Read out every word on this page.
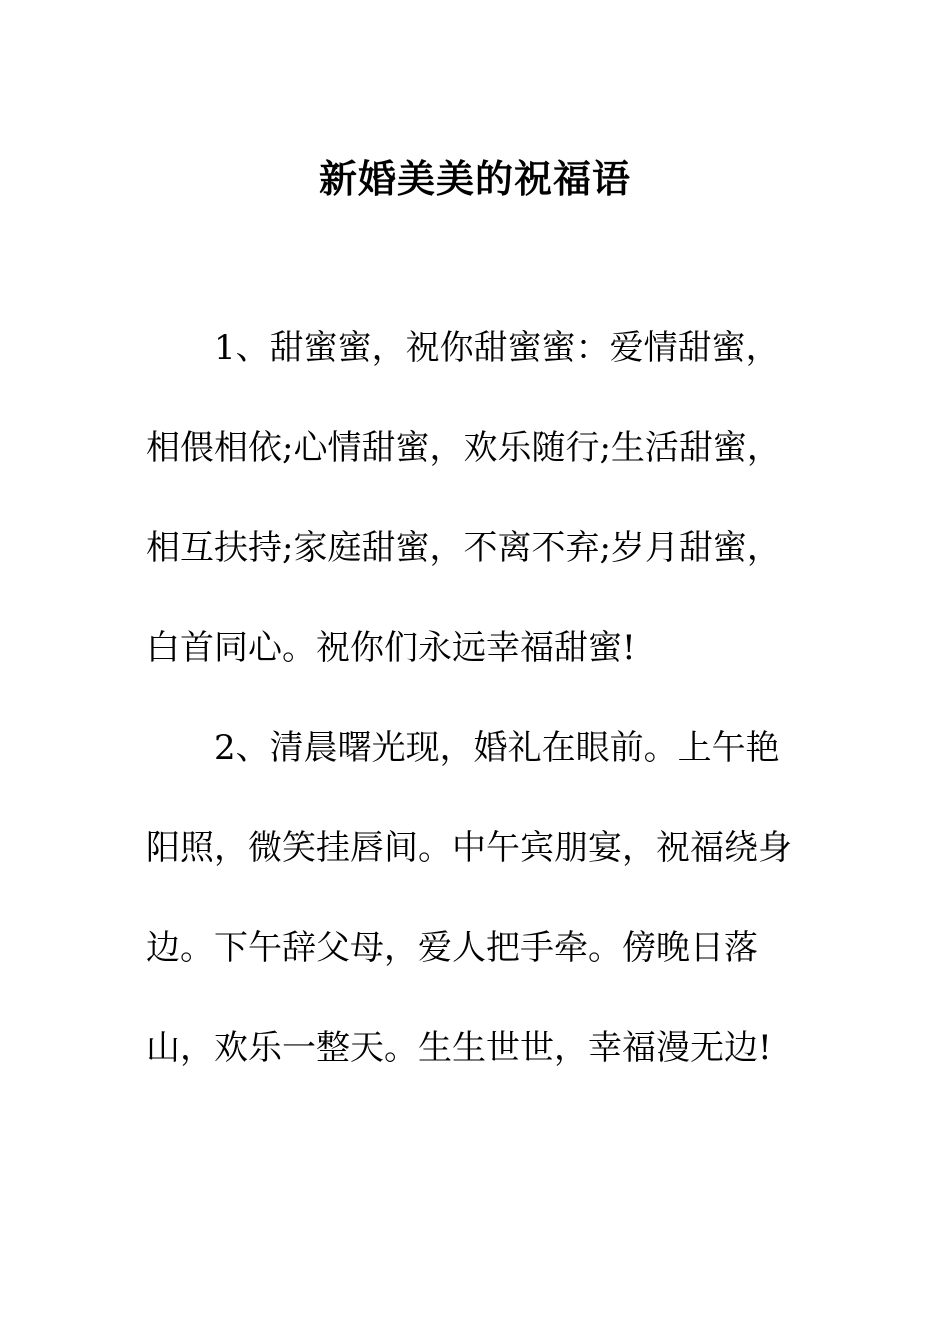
新婚美美的祝福语

1、甜蜜蜜，祝你甜蜜蜜：爱情甜蜜，相偎相依;心情甜蜜，欢乐随行;生活甜蜜，相互扶持;家庭甜蜜，不离不弃;岁月甜蜜，白首同心。祝你们永远幸福甜蜜!

2、清晨曙光现，婚礼在眼前。上午艳阳照，微笑挂唇间。中午宾朋宴，祝福绕身边。下午辞父母，爱人把手牵。傍晚日落山，欢乐一整天。生生世世，幸福漫无边!
